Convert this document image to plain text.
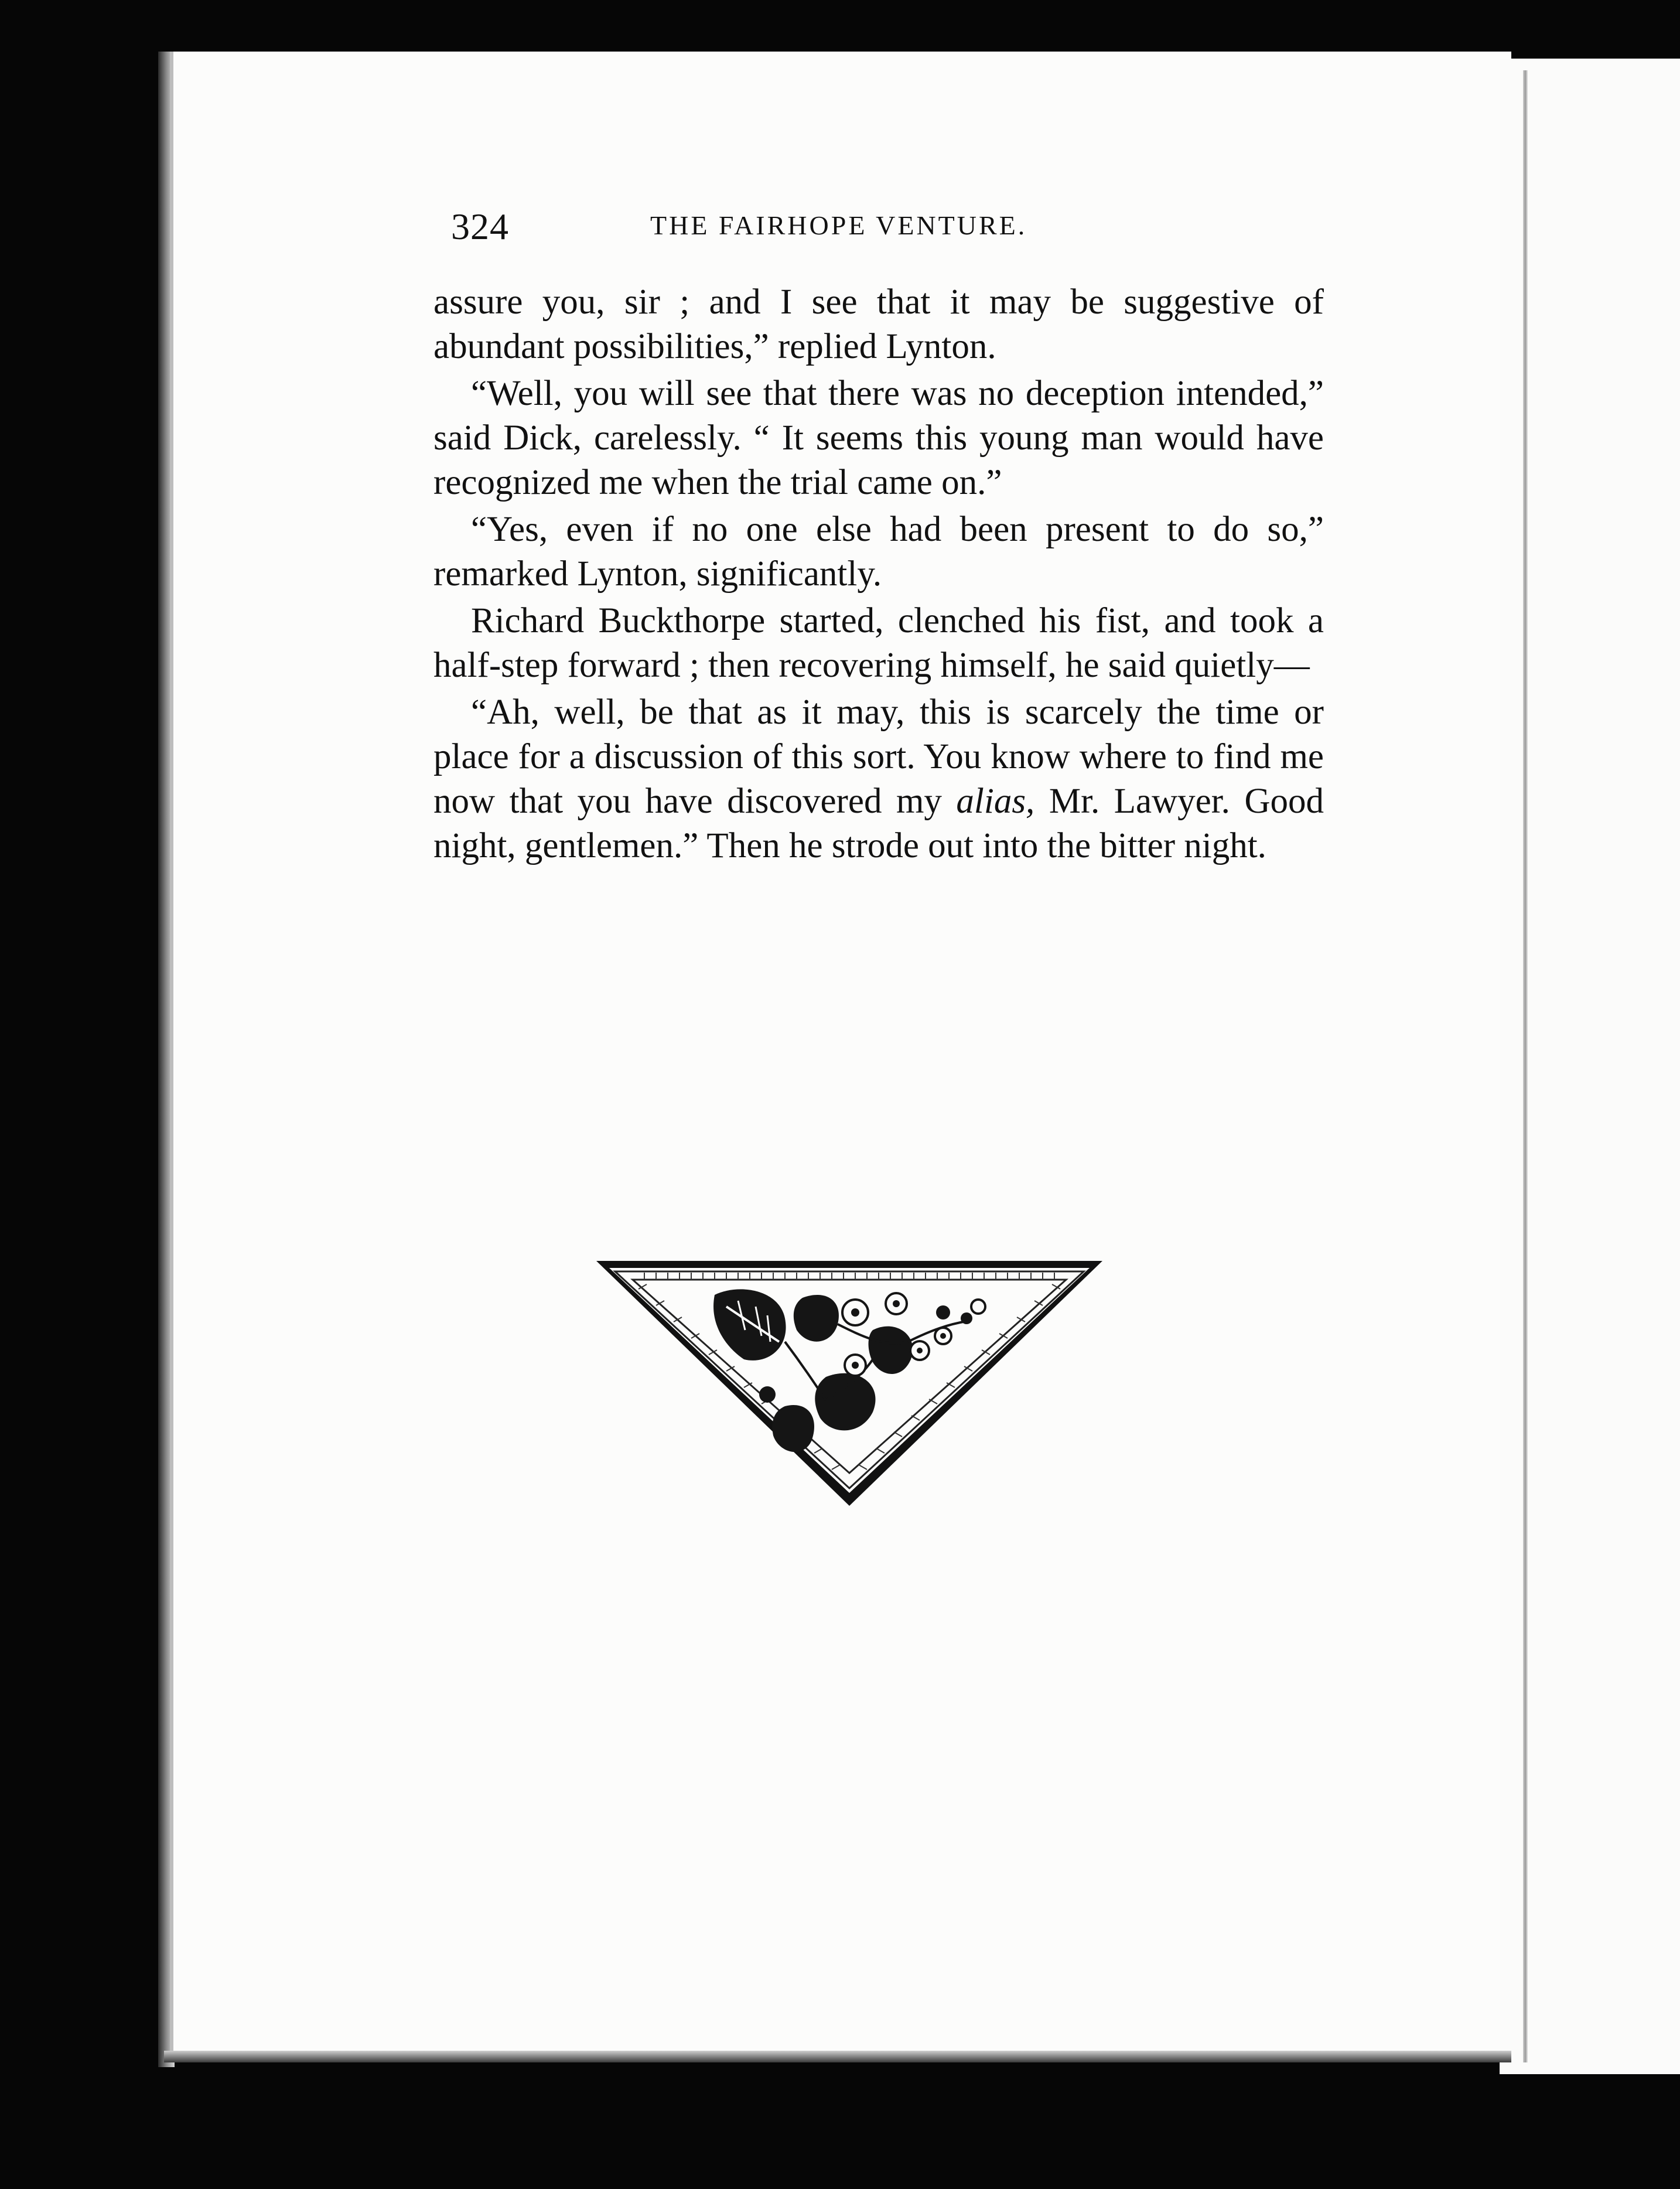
324	THE FAIRHOPE VENTURE.

assure you, sir ; and I see that it may be suggestive of abundant possibilities,” replied Lynton.

“Well, you will see that there was no deception intended,” said Dick, carelessly. “ It seems this young man would have recognized me when the trial came on.”

“Yes, even if no one else had been present to do so,” remarked Lynton, significantly.

Richard Buckthorpe started, clenched his fist, and took a half-step forward ; then recovering himself, he said quietly—

“Ah, well, be that as it may, this is scarcely the time or place for a discussion of this sort. You know where to find me now that you have discovered my alias, Mr. Lawyer. Good night, gentlemen.” Then he strode out into the bitter night.
